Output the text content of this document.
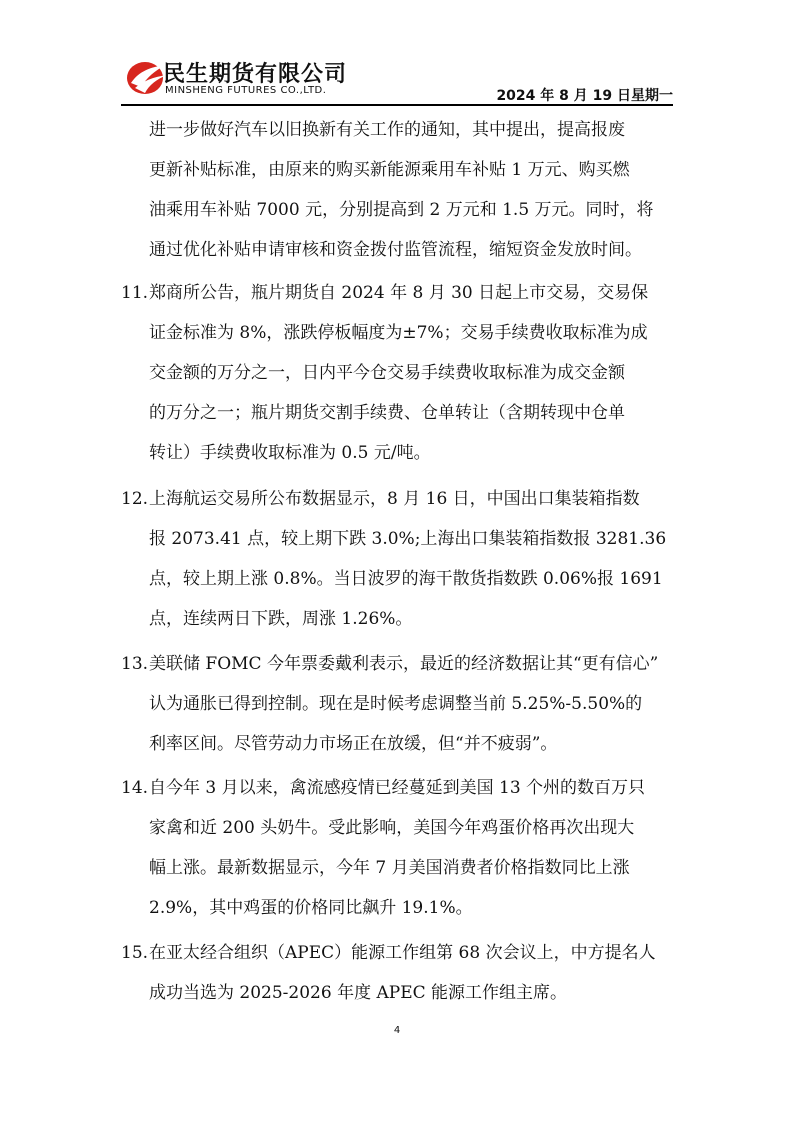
民生期货有限公司
MINSHENG FUTURES CO.,LTD.	2024 年 8 月 19 日星期一
进一步做好汽车以旧换新有关工作的通知，其中提出，提高报废
更新补贴标准，由原来的购买新能源乘用车补贴 1 万元、购买燃
油乘用车补贴 7000 元，分别提高到 2 万元和 1.5 万元。同时，将
通过优化补贴申请审核和资金拨付监管流程，缩短资金发放时间。
11.郑商所公告，瓶片期货自 2024 年 8 月 30 日起上市交易，交易保
证金标准为 8%，涨跌停板幅度为±7%；交易手续费收取标准为成
交金额的万分之一，日内平今仓交易手续费收取标准为成交金额
的万分之一；瓶片期货交割手续费、仓单转让（含期转现中仓单
转让）手续费收取标准为 0.5 元/吨。
12.上海航运交易所公布数据显示，8 月 16 日，中国出口集装箱指数
报 2073.41 点，较上期下跌 3.0%;上海出口集装箱指数报 3281.36
点，较上期上涨 0.8%。当日波罗的海干散货指数跌 0.06%报 1691
点，连续两日下跌，周涨 1.26%。
13.美联储 FOMC 今年票委戴利表示，最近的经济数据让其“更有信心”
认为通胀已得到控制。现在是时候考虑调整当前 5.25%-5.50%的
利率区间。尽管劳动力市场正在放缓，但“并不疲弱”。
14.自今年 3 月以来，禽流感疫情已经蔓延到美国 13 个州的数百万只
家禽和近 200 头奶牛。受此影响，美国今年鸡蛋价格再次出现大
幅上涨。最新数据显示，今年 7 月美国消费者价格指数同比上涨
2.9%，其中鸡蛋的价格同比飙升 19.1%。
15.在亚太经合组织（APEC）能源工作组第 68 次会议上，中方提名人
成功当选为 2025-2026 年度 APEC 能源工作组主席。
4
